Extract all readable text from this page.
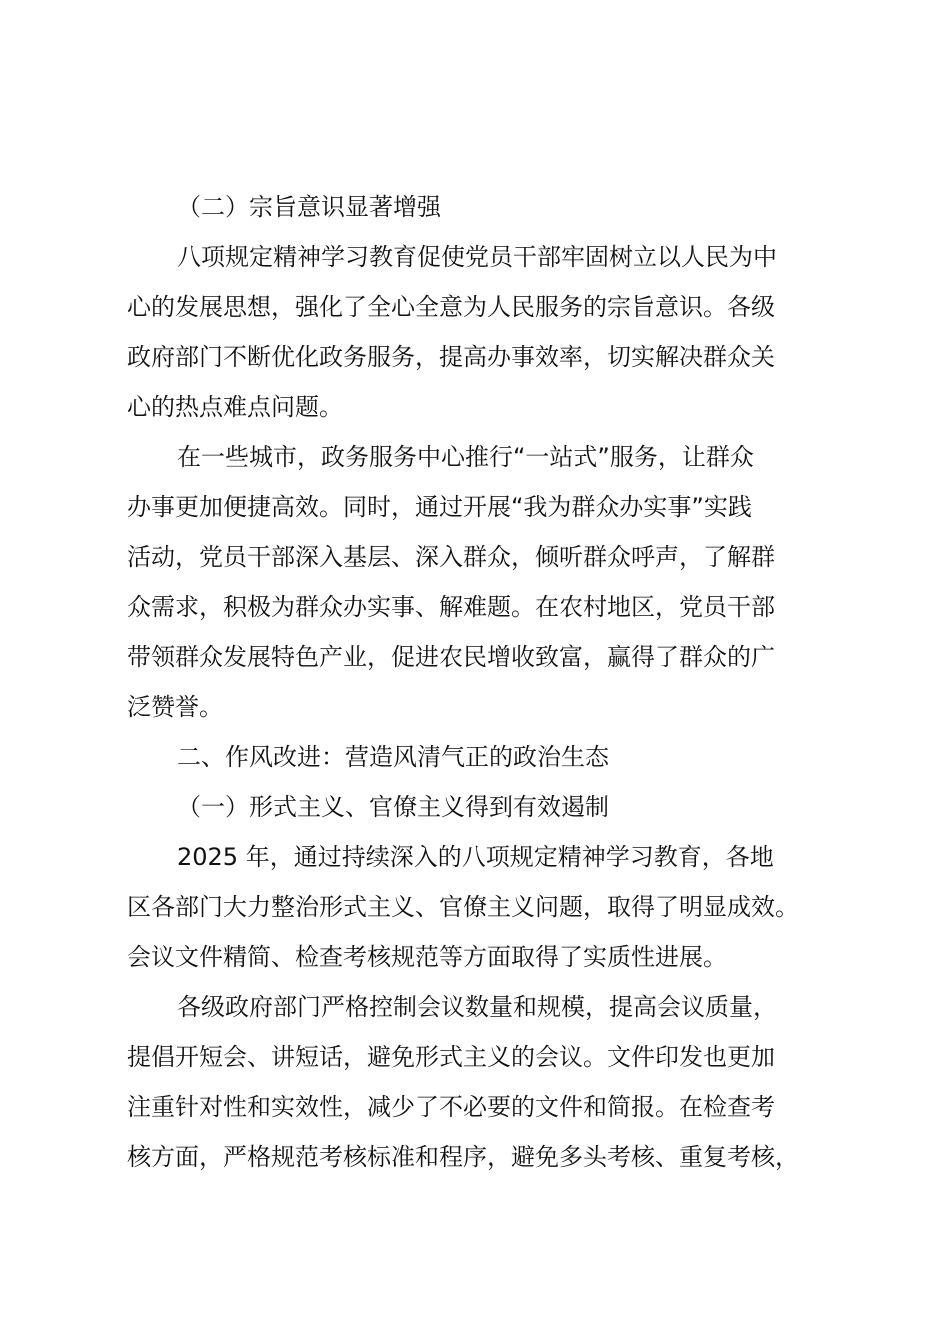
（二）宗旨意识显著增强
八项规定精神学习教育促使党员干部牢固树立以人民为中
心的发展思想，强化了全心全意为人民服务的宗旨意识。各级
政府部门不断优化政务服务，提高办事效率，切实解决群众关
心的热点难点问题。
在一些城市，政务服务中心推行“一站式”服务，让群众
办事更加便捷高效。同时，通过开展“我为群众办实事”实践
活动，党员干部深入基层、深入群众，倾听群众呼声，了解群
众需求，积极为群众办实事、解难题。在农村地区，党员干部
带领群众发展特色产业，促进农民增收致富，赢得了群众的广
泛赞誉。
二、作风改进：营造风清气正的政治生态
（一）形式主义、官僚主义得到有效遏制
2025 年，通过持续深入的八项规定精神学习教育，各地
区各部门大力整治形式主义、官僚主义问题，取得了明显成效。
会议文件精简、检查考核规范等方面取得了实质性进展。
各级政府部门严格控制会议数量和规模，提高会议质量，
提倡开短会、讲短话，避免形式主义的会议。文件印发也更加
注重针对性和实效性，减少了不必要的文件和简报。在检查考
核方面，严格规范考核标准和程序，避免多头考核、重复考核，
